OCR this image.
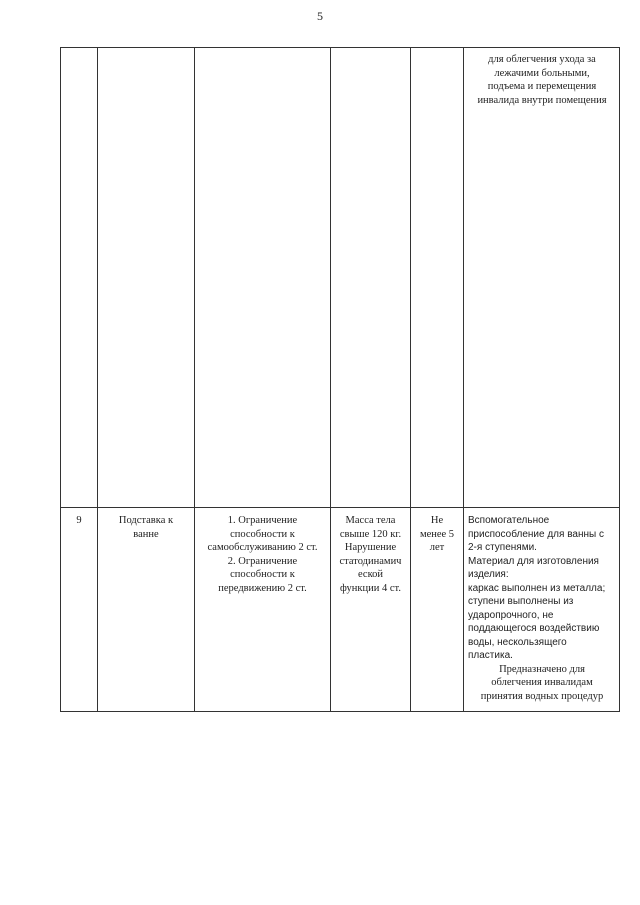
5
для облегчения ухода за
лежачими больными,
подъема и перемещения
инвалида внутри помещения
9	Подставка к
ванне
1. Ограничение
способности к
самообслуживанию 2 ст.
2. Ограничение
способности к
передвижению 2 ст.
Масса тела
свыше 120 кг.
Нарушение
статодинамич
еской
функции 4 ст.
Не
менее 5
лет
Вспомогательное
приспособление для ванны с
2-я ступенями.
Материал для изготовления
изделия:
каркас выполнен из металла;
ступени выполнены из
ударопрочного, не
поддающегося воздействию
воды, нескользящего
пластика.
Предназначено для
облегчения инвалидам
принятия водных процедур
